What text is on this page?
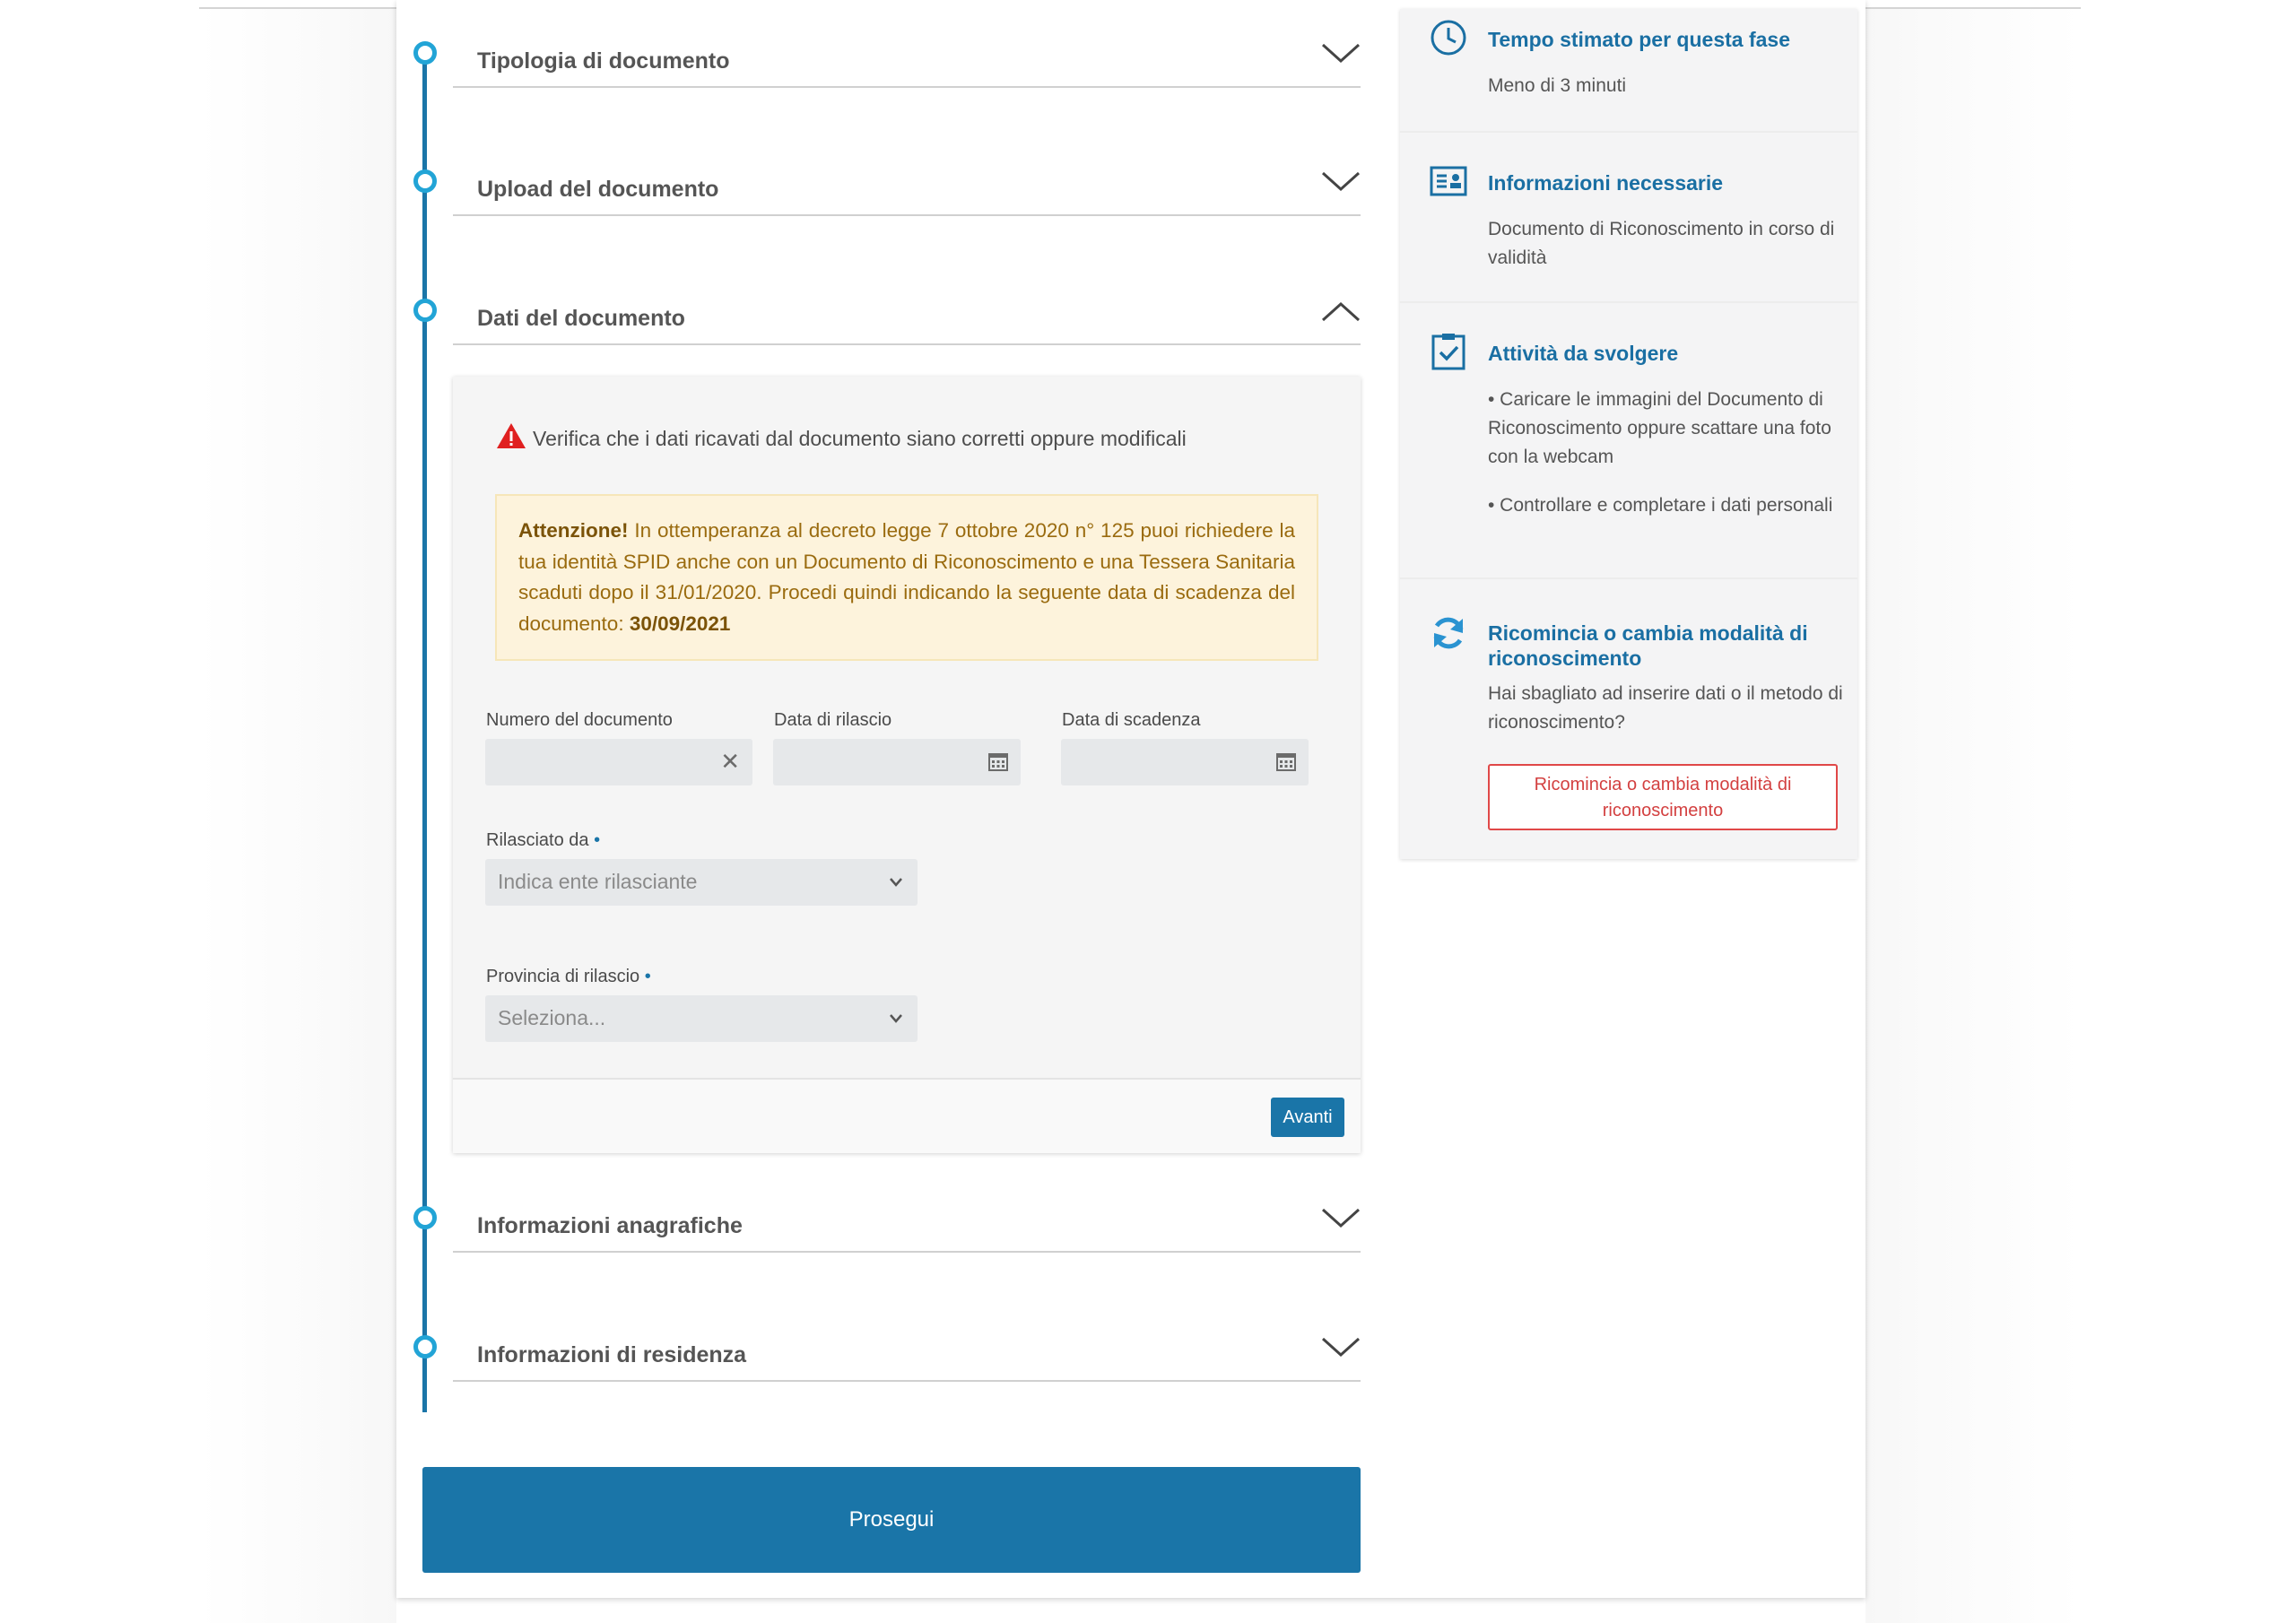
Tipologia di documento
Upload del documento
Dati del documento
Verifica che i dati ricavati dal documento siano corretti oppure modificali
Attenzione! In ottemperanza al decreto legge 7 ottobre 2020 n° 125 puoi richiedere la tua identità SPID anche con un Documento di Riconoscimento e una Tessera Sanitaria scaduti dopo il 31/01/2020. Procedi quindi indicando la seguente data di scadenza del documento: 30/09/2021
Numero del documento
✕
Data di rilascio	Data di scadenza
Rilasciato da •
Indica ente rilasciante
Provincia di rilascio •
Seleziona...
Avanti
Informazioni anagrafiche
Informazioni di residenza
Prosegui
Tempo stimato per questa fase
Meno di 3 minuti
Informazioni necessarie
Documento di Riconoscimento in corso di validità
Attività da svolgere
• Caricare le immagini del Documento di Riconoscimento oppure scattare una foto con la webcam
• Controllare e completare i dati personali
Ricomincia o cambia modalità di riconoscimento
Hai sbagliato ad inserire dati o il metodo di riconoscimento?
Ricomincia o cambia modalità di riconoscimento
